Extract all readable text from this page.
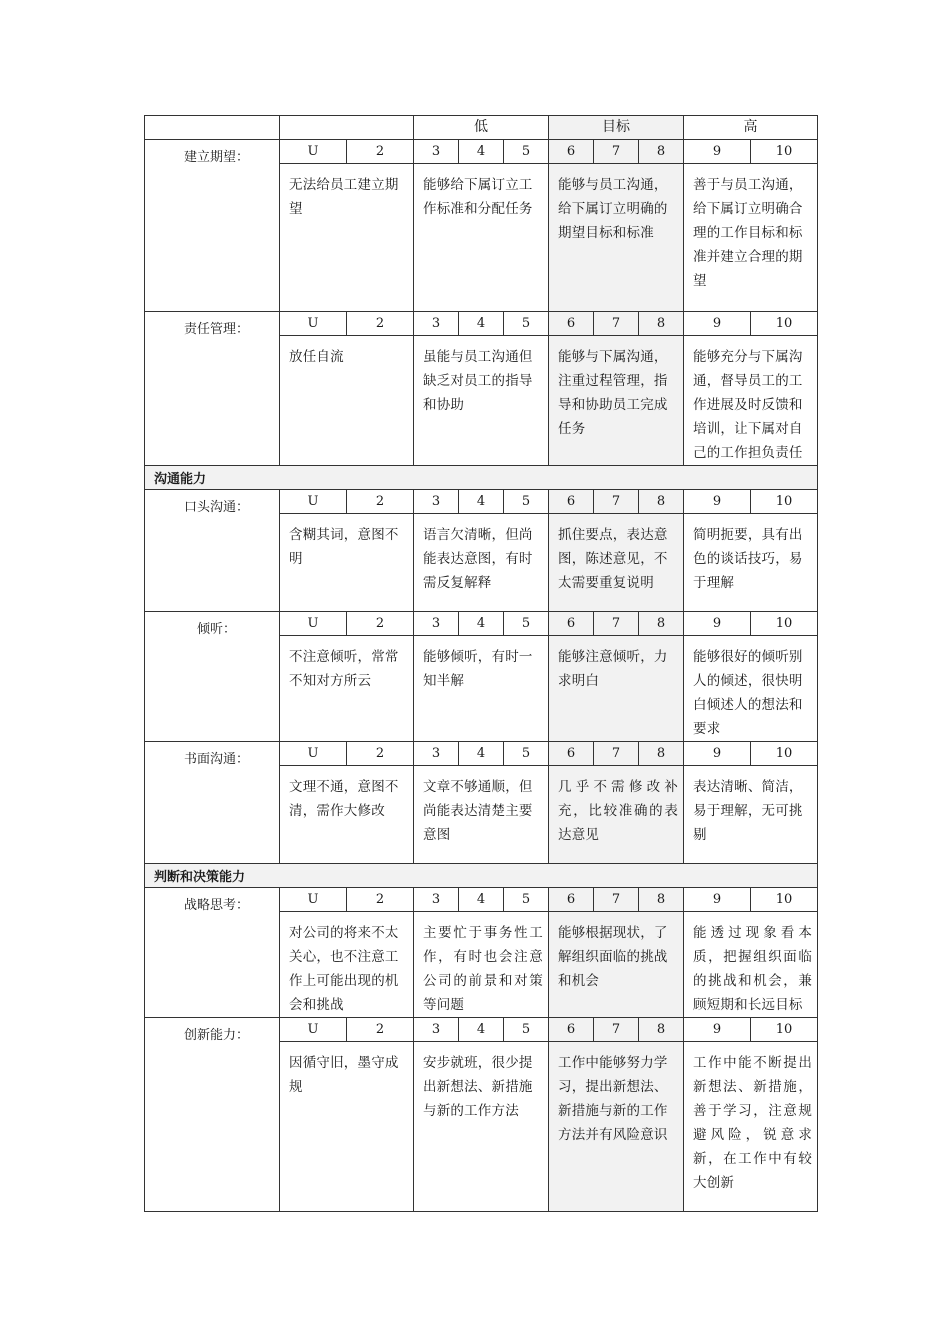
			低			目标			高	
建立期望：	U	2	3	4	5	6	7	8	9	10
	无法给员工建立期望		能够给下属订立工作标准和分配任务			能够与员工沟通，给下属订立明确的期望目标和标准			善于与员工沟通，给下属订立明确合理的工作目标和标准并建立合理的期望	
责任管理：	U	2	3	4	5	6	7	8	9	10
	放任自流		虽能与员工沟通但缺乏对员工的指导和协助			能够与下属沟通，注重过程管理，指导和协助员工完成任务			能够充分与下属沟通，督导员工的工作进展及时反馈和培训，让下属对自己的工作担负责任	
沟通能力										
口头沟通：	U	2	3	4	5	6	7	8	9	10
	含糊其词，意图不明		语言欠清晰，但尚能表达意图，有时需反复解释			抓住要点，表达意图，陈述意见，不太需要重复说明			简明扼要，具有出色的谈话技巧，易于理解	
倾听：	U	2	3	4	5	6	7	8	9	10
	不注意倾听，常常不知对方所云		能够倾听，有时一知半解			能够注意倾听，力求明白			能够很好的倾听别人的倾述，很快明白倾述人的想法和要求	
书面沟通：	U	2	3	4	5	6	7	8	9	10
	文理不通，意图不清，需作大修改		文章不够通顺，但尚能表达清楚主要意图			几乎不需修改补充，比较准确的表达意见			表达清晰、简洁，易于理解，无可挑剔	
判断和决策能力										
战略思考：	U	2	3	4	5	6	7	8	9	10
	对公司的将来不太关心，也不注意工作上可能出现的机会和挑战		主要忙于事务性工作，有时也会注意公司的前景和对策等问题			能够根据现状，了解组织面临的挑战和机会			能透过现象看本质，把握组织面临的挑战和机会，兼顾短期和长远目标	
创新能力：	U	2	3	4	5	6	7	8	9	10
	因循守旧，墨守成规		安步就班，很少提出新想法、新措施与新的工作方法			工作中能够努力学习，提出新想法、新措施与新的工作方法并有风险意识			工作中能不断提出新想法、新措施，善于学习，注意规避风险，锐意求新，在工作中有较大创新	
